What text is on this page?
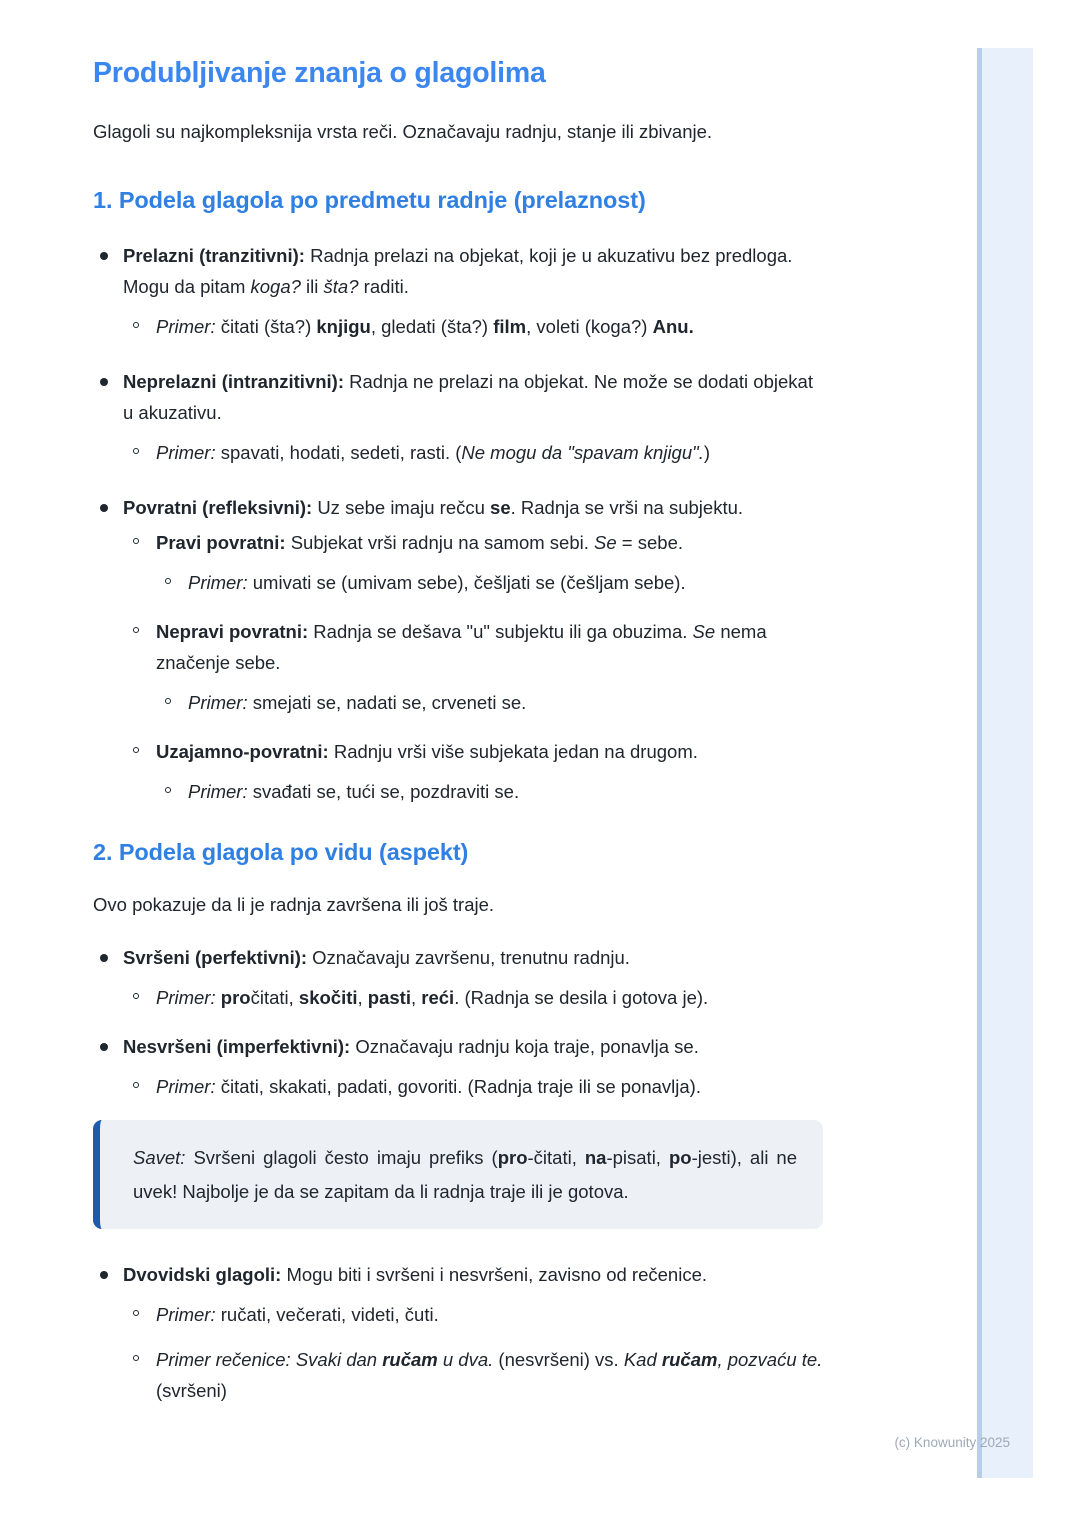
Produbljivanje znanja o glagolima

Glagoli su najkompleksnija vrsta reči. Označavaju radnju, stanje ili zbivanje.

1. Podela glagola po predmetu radnje (prelaznost)
Prelazni (tranzitivni): Radnja prelazi na objekat, koji je u akuzativu bez predloga. Mogu da pitam koga? ili šta? raditi.
Primer: čitati (šta?) knjigu, gledati (šta?) film, voleti (koga?) Anu.
Neprelazni (intranzitivni): Radnja ne prelazi na objekat. Ne može se dodati objekat u akuzativu.
Primer: spavati, hodati, sedeti, rasti. (Ne mogu da "spavam knjigu".)
Povratni (refleksivni): Uz sebe imaju rečcu se. Radnja se vrši na subjektu.
Pravi povratni: Subjekat vrši radnju na samom sebi. Se = sebe.
Primer: umivati se (umivam sebe), češljati se (češljam sebe).
Nepravi povratni: Radnja se dešava "u" subjektu ili ga obuzima. Se nema značenje sebe.
Primer: smejati se, nadati se, crveneti se.
Uzajamno-povratni: Radnju vrši više subjekata jedan na drugom.
Primer: svađati se, tući se, pozdraviti se.
2. Podela glagola po vidu (aspekt)

Ovo pokazuje da li je radnja završena ili još traje.

Svršeni (perfektivni): Označavaju završenu, trenutnu radnju.
Primer: pročitati, skočiti, pasti, reći. (Radnja se desila i gotova je).
Nesvršeni (imperfektivni): Označavaju radnju koja traje, ponavlja se.
Primer: čitati, skakati, padati, govoriti. (Radnja traje ili se ponavlja).
Savet: Svršeni glagoli često imaju prefiks (pro-čitati, na-pisati, po-jesti), ali ne uvek! Najbolje je da se zapitam da li radnja traje ili je gotova.
Dvovidski glagoli: Mogu biti i svršeni i nesvršeni, zavisno od rečenice.
Primer: ručati, večerati, videti, čuti.
Primer rečenice: Svaki dan ručam u dva. (nesvršeni) vs. Kad ručam, pozvaću te. (svršeni)
(c) Knowunity 2025
